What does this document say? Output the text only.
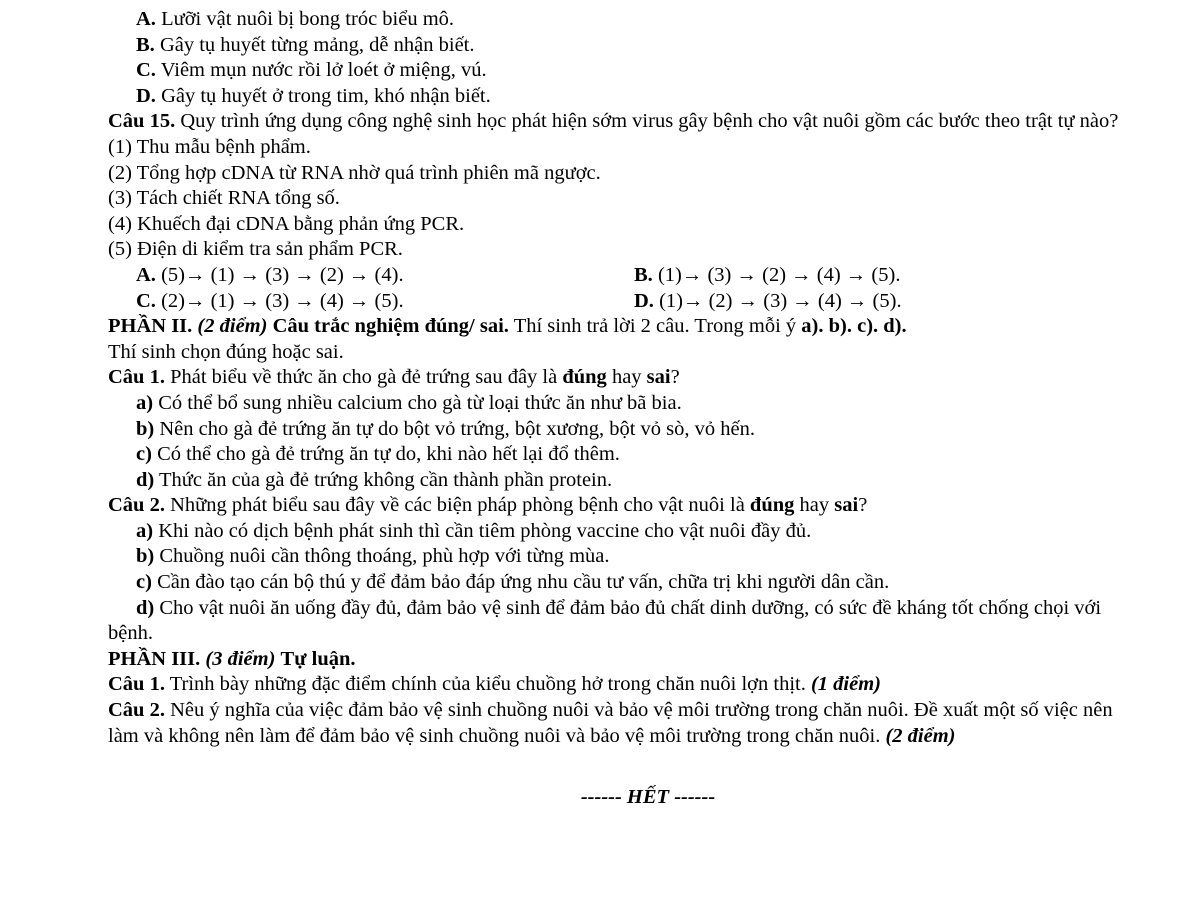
A. Lưỡi vật nuôi bị bong tróc biểu mô.
B. Gây tụ huyết từng mảng, dễ nhận biết.
C. Viêm mụn nước rồi lở loét ở miệng, vú.
D. Gây tụ huyết ở trong tim, khó nhận biết.
Câu 15. Quy trình ứng dụng công nghệ sinh học phát hiện sớm virus gây bệnh cho vật nuôi gồm các bước theo trật tự nào?
(1) Thu mẫu bệnh phẩm.
(2) Tổng hợp cDNA từ RNA nhờ quá trình phiên mã ngược.
(3) Tách chiết RNA tổng số.
(4) Khuếch đại cDNA bằng phản ứng PCR.
(5) Điện di kiểm tra sản phẩm PCR.
A. (5)→ (1) → (3) → (2) → (4).	B. (1)→ (3) → (2) → (4) → (5).
C. (2)→ (1) → (3) → (4) → (5).	D. (1)→ (2) → (3) → (4) → (5).
PHẦN II. (2 điểm) Câu trắc nghiệm đúng/ sai. Thí sinh trả lời 2 câu. Trong mỗi ý a). b). c). d).
Thí sinh chọn đúng hoặc sai.
Câu 1. Phát biểu về thức ăn cho gà đẻ trứng sau đây là đúng hay sai?
a) Có thể bổ sung nhiều calcium cho gà từ loại thức ăn như bã bia.
b) Nên cho gà đẻ trứng ăn tự do bột vỏ trứng, bột xương, bột vỏ sò, vỏ hến.
c) Có thể cho gà đẻ trứng ăn tự do, khi nào hết lại đổ thêm.
d) Thức ăn của gà đẻ trứng không cần thành phần protein.
Câu 2. Những phát biểu sau đây về các biện pháp phòng bệnh cho vật nuôi là đúng hay sai?
a) Khi nào có dịch bệnh phát sinh thì cần tiêm phòng vaccine cho vật nuôi đầy đủ.
b) Chuồng nuôi cần thông thoáng, phù hợp với từng mùa.
c) Cần đào tạo cán bộ thú y để đảm bảo đáp ứng nhu cầu tư vấn, chữa trị khi người dân cần.
d) Cho vật nuôi ăn uống đầy đủ, đảm bảo vệ sinh để đảm bảo đủ chất dinh dưỡng, có sức đề kháng tốt chống chọi với bệnh.
PHẦN III. (3 điểm) Tự luận.
Câu 1. Trình bày những đặc điểm chính của kiểu chuồng hở trong chăn nuôi lợn thịt. (1 điểm)
Câu 2. Nêu ý nghĩa của việc đảm bảo vệ sinh chuồng nuôi và bảo vệ môi trường trong chăn nuôi. Đề xuất một số việc nên làm và không nên làm để đảm bảo vệ sinh chuồng nuôi và bảo vệ môi trường trong chăn nuôi. (2 điểm)
------ HẾT ------
